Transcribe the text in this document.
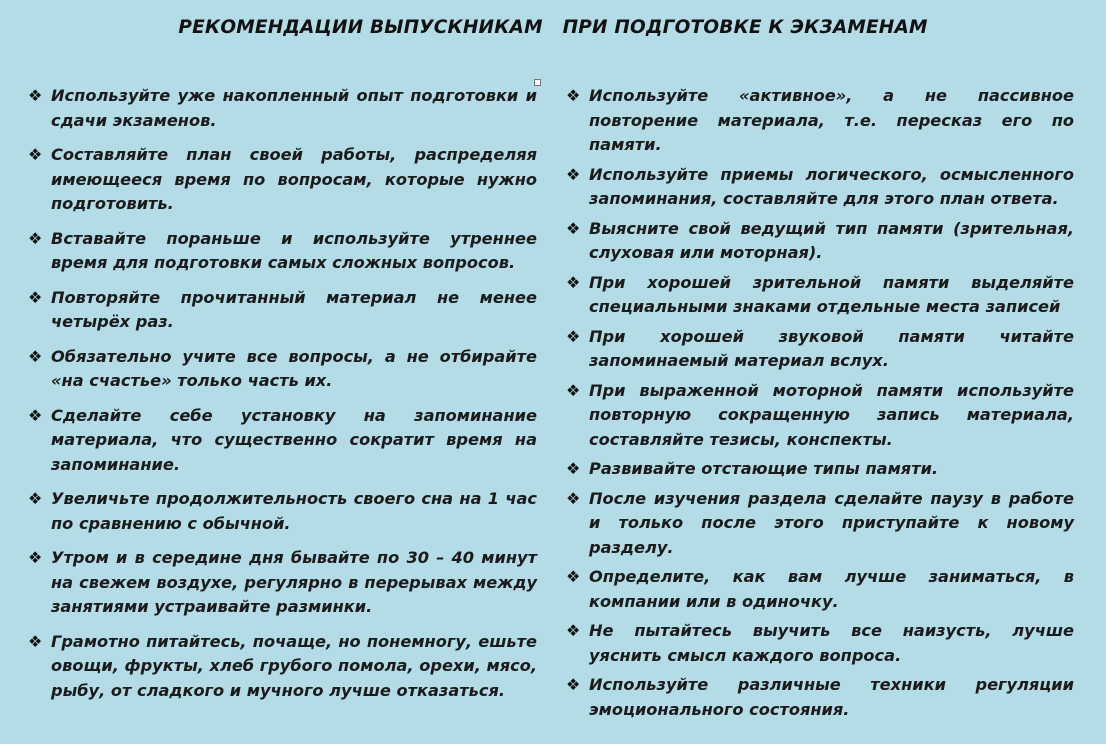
РЕКОМЕНДАЦИИ ВЫПУСКНИКАМ   ПРИ ПОДГОТОВКЕ К ЭКЗАМЕНАМ
❖ Используйте уже накопленный опыт подготовки и сдачи экзаменов.
❖ Составляйте план своей работы, распределяя имеющееся время по вопросам, которые нужно подготовить.
❖ Вставайте пораньше и используйте утреннее время для подготовки самых сложных вопросов.
❖ Повторяйте прочитанный материал не менее четырёх раз.
❖ Обязательно учите все вопросы, а не отбирайте «на счастье» только часть их.
❖ Сделайте себе установку на запоминание материала, что существенно сократит время на запоминание.
❖ Увеличьте продолжительность своего сна на 1 час по сравнению с обычной.
❖ Утром и в середине дня бывайте по 30 – 40 минут на свежем воздухе, регулярно в перерывах между занятиями устраивайте разминки.
❖ Грамотно питайтесь, почаще, но понемногу, ешьте овощи, фрукты, хлеб грубого помола, орехи, мясо, рыбу, от сладкого и мучного лучше отказаться.
❖ Используйте «активное», а не пассивное повторение материала, т.е. пересказ его по памяти.
❖ Используйте приемы логического, осмысленного запоминания, составляйте для этого план ответа.
❖ Выясните свой ведущий тип памяти (зрительная, слуховая или моторная).
❖ При хорошей зрительной памяти выделяйте специальными знаками отдельные места записей
❖ При хорошей звуковой памяти читайте запоминаемый материал вслух.
❖ При выраженной моторной памяти используйте повторную сокращенную запись материала, составляйте тезисы, конспекты.
❖ Развивайте отстающие типы памяти.
❖ После изучения раздела сделайте паузу в работе и только после этого приступайте к новому разделу.
❖ Определите, как вам лучше заниматься, в компании или в одиночку.
❖ Не пытайтесь выучить все наизусть, лучше уяснить смысл каждого вопроса.
❖ Используйте различные техники регуляции эмоционального состояния.
